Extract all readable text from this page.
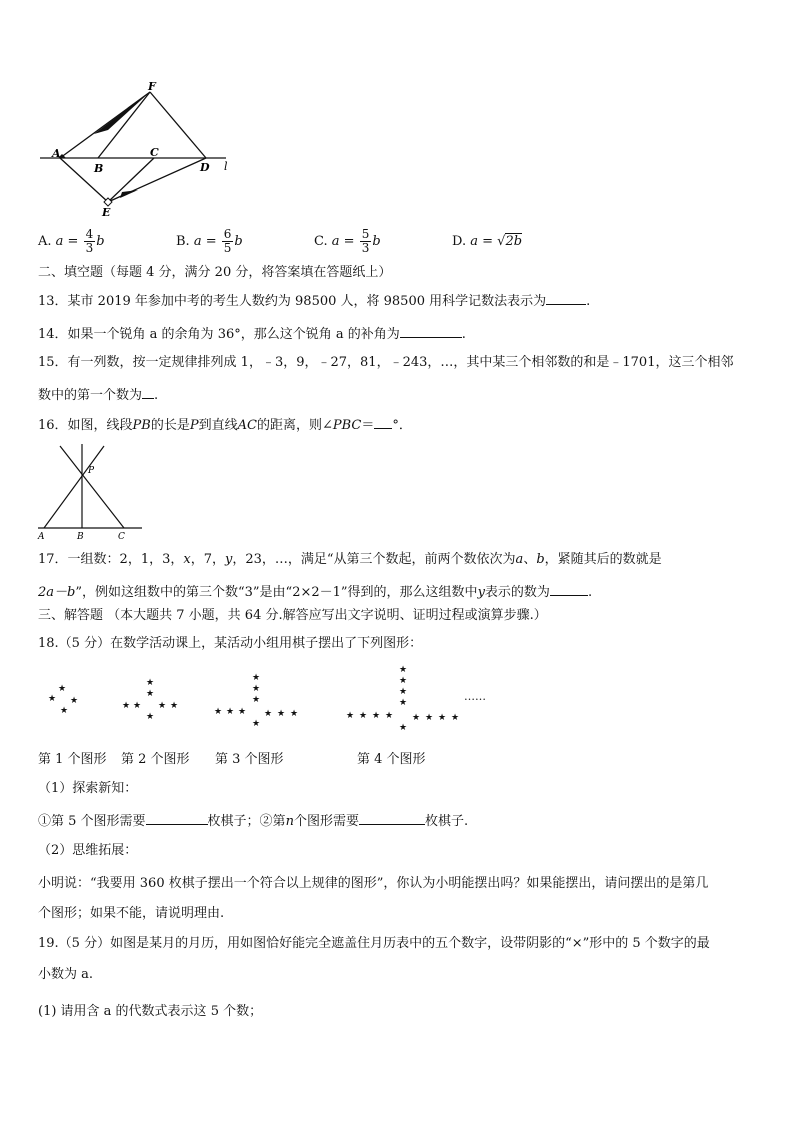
F
A
B
C
D l
E
A. $a = \frac{4}{3}$ b	B. $a = \frac{6}{5}$ b	C. $a = \frac{5}{3}$ b	D. a = √2b
二、填空题（每题 4 分，满分 20 分，将答案填在答题纸上）
13．某市 2019 年参加中考的考生人数约为 98500 人，将 98500 用科学记数法表示为	.
14．如果一个锐角 a 的余角为 36°，那么这个锐角 a 的补角为	.
15．有一列数，按一定规律排列成 1，﹣3，9，﹣27，81，﹣243，…，其中某三个相邻数的和是﹣1701，这三个相邻
数中的第一个数为 .
16．如图，线段PB的长是P到直线AC的距离，则∠PBC＝ °．
P
A	B	C
17．一组数：2，1，3，x，7，y，23，…，满足“从第三个数起，前两个数依次为a、b，紧随其后的数就是
2a－b”，例如这组数中的第三个数“3”是由“2×2－1”得到的，那么这组数中y表示的数为	.
三、解答题 （本大题共 7 小题，共 64 分.解答应写出文字说明、证明过程或演算步骤.）
18.（5 分）在数学活动课上，某活动小组用棋子摆出了下列图形：
★
★ ★
★
★
★
★ ★ ★ ★
★
★
★
★
★ ★ ★ ★ ★ ★
★
★
★
★
★
★ ★ ★ ★ ★ ★ ★ ★
★
……
第 1 个图形 第 2 个图形 第 3 个图形	第 4 个图形
（1）探索新知：
①第 5 个图形需要	枚棋子；②第n个图形需要	枚棋子.
（2）思维拓展：
小明说：“我要用 360 枚棋子摆出一个符合以上规律的图形”，你认为小明能摆出吗？如果能摆出，请问摆出的是第几
个图形；如果不能，请说明理由.
19.（5 分）如图是某月的月历，用如图恰好能完全遮盖住月历表中的五个数字，设带阴影的“×”形中的 5 个数字的最
小数为 a.
(1) 请用含 a 的代数式表示这 5 个数；
